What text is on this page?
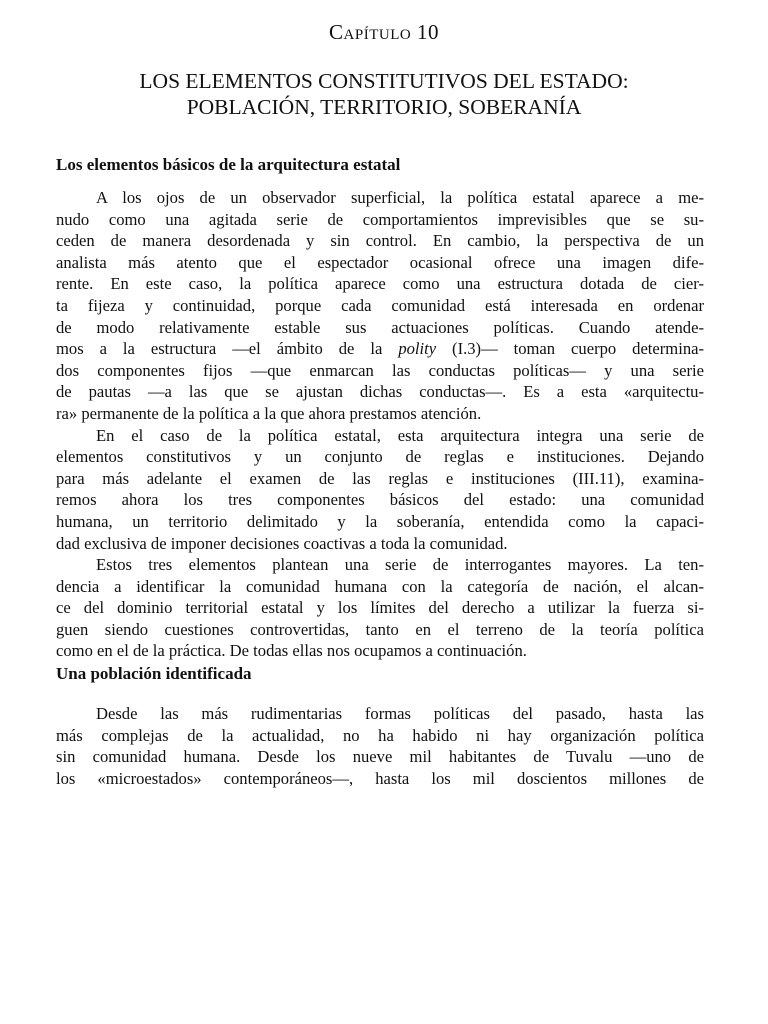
Capítulo 10
LOS ELEMENTOS CONSTITUTIVOS DEL ESTADO:
POBLACIÓN, TERRITORIO, SOBERANÍA
Los elementos básicos de la arquitectura estatal
A los ojos de un observador superficial, la política estatal aparece a me-
nudo como una agitada serie de comportamientos imprevisibles que se su-
ceden de manera desordenada y sin control. En cambio, la perspectiva de un
analista más atento que el espectador ocasional ofrece una imagen dife-
rente. En este caso, la política aparece como una estructura dotada de cier-
ta fijeza y continuidad, porque cada comunidad está interesada en ordenar
de modo relativamente estable sus actuaciones políticas. Cuando atende-
mos a la estructura —el ámbito de la polity (I.3)— toman cuerpo determina-
dos componentes fijos —que enmarcan las conductas políticas— y una serie
de pautas —a las que se ajustan dichas conductas—. Es a esta «arquitectu-
ra» permanente de la política a la que ahora prestamos atención.
En el caso de la política estatal, esta arquitectura integra una serie de
elementos constitutivos y un conjunto de reglas e instituciones. Dejando
para más adelante el examen de las reglas e instituciones (III.11), examina-
remos ahora los tres componentes básicos del estado: una comunidad
humana, un territorio delimitado y la soberanía, entendida como la capaci-
dad exclusiva de imponer decisiones coactivas a toda la comunidad.
Estos tres elementos plantean una serie de interrogantes mayores. La ten-
dencia a identificar la comunidad humana con la categoría de nación, el alcan-
ce del dominio territorial estatal y los límites del derecho a utilizar la fuerza si-
guen siendo cuestiones controvertidas, tanto en el terreno de la teoría política
como en el de la práctica. De todas ellas nos ocupamos a continuación.
Una población identificada
Desde las más rudimentarias formas políticas del pasado, hasta las
más complejas de la actualidad, no ha habido ni hay organización política
sin comunidad humana. Desde los nueve mil habitantes de Tuvalu —uno de
los «microestados» contemporáneos—, hasta los mil doscientos millones de
